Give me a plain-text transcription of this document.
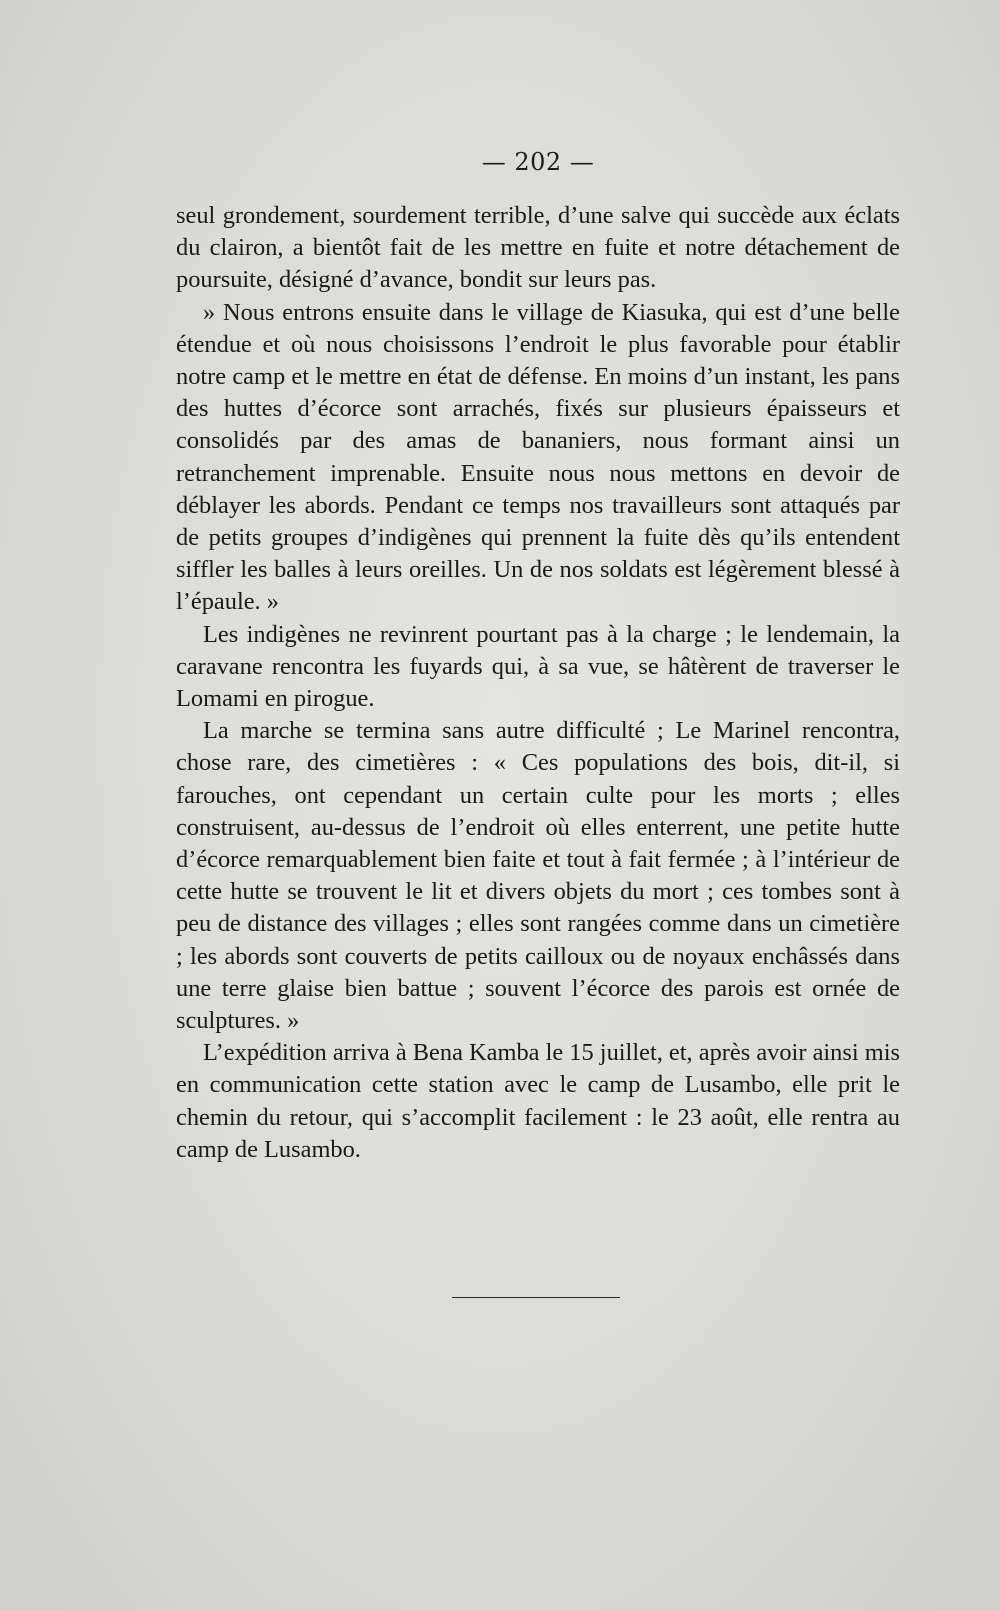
— 202 —

seul grondement, sourdement terrible, d’une salve qui succède aux éclats du clairon, a bientôt fait de les mettre en fuite et notre détachement de poursuite, désigné d’avance, bondit sur leurs pas.

» Nous entrons ensuite dans le village de Kiasuka, qui est d’une belle étendue et où nous choisissons l’endroit le plus favorable pour établir notre camp et le mettre en état de défense. En moins d’un instant, les pans des huttes d’écorce sont arrachés, fixés sur plusieurs épaisseurs et consolidés par des amas de bananiers, nous formant ainsi un retranchement imprenable. Ensuite nous nous mettons en devoir de déblayer les abords. Pendant ce temps nos travailleurs sont attaqués par de petits groupes d’indigènes qui prennent la fuite dès qu’ils entendent siffler les balles à leurs oreilles. Un de nos soldats est légèrement blessé à l’épaule. »

Les indigènes ne revinrent pourtant pas à la charge ; le lendemain, la caravane rencontra les fuyards qui, à sa vue, se hâtèrent de traverser le Lomami en pirogue.

La marche se termina sans autre difficulté ; Le Marinel rencontra, chose rare, des cimetières : « Ces populations des bois, dit-il, si farouches, ont cependant un certain culte pour les morts ; elles construisent, au-dessus de l’endroit où elles enterrent, une petite hutte d’écorce remarquablement bien faite et tout à fait fermée ; à l’intérieur de cette hutte se trouvent le lit et divers objets du mort ; ces tombes sont à peu de distance des villages ; elles sont rangées comme dans un cimetière ; les abords sont couverts de petits cailloux ou de noyaux enchâssés dans une terre glaise bien battue ; souvent l’écorce des parois est ornée de sculptures. »

L’expédition arriva à Bena Kamba le 15 juillet, et, après avoir ainsi mis en communication cette station avec le camp de Lusambo, elle prit le chemin du retour, qui s’accomplit facilement : le 23 août, elle rentra au camp de Lusambo.
